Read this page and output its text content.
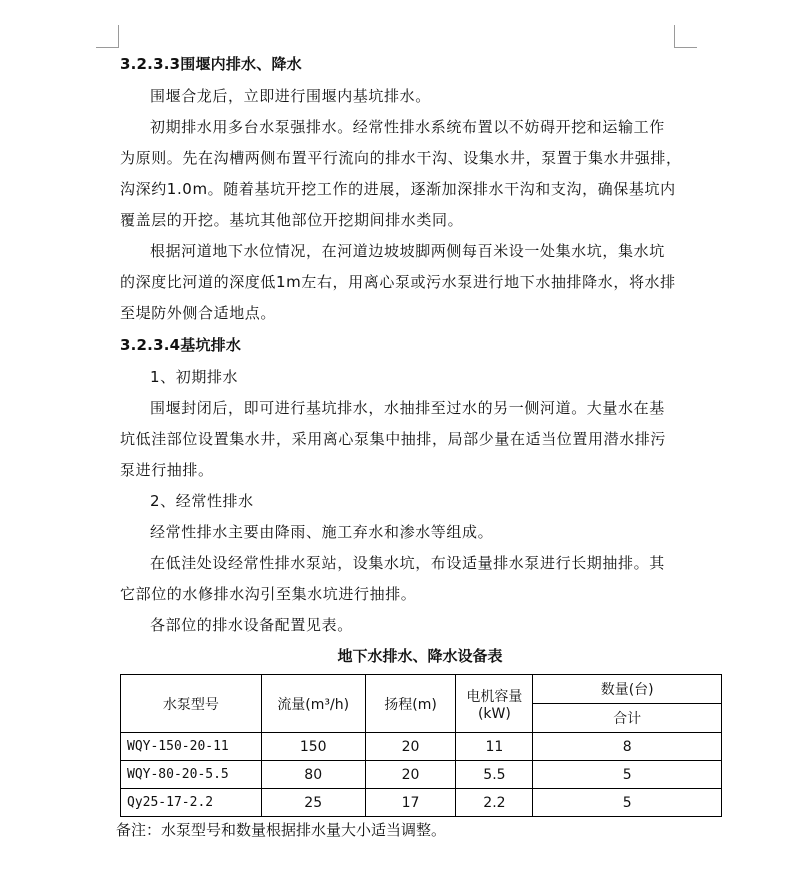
3.2.3.3围堰内排水、降水
围堰合龙后，立即进行围堰内基坑排水。
初期排水用多台水泵强排水。经常性排水系统布置以不妨碍开挖和运输工作
为原则。先在沟槽两侧布置平行流向的排水干沟、设集水井，泵置于集水井强排，
沟深约1.0m。随着基坑开挖工作的进展，逐渐加深排水干沟和支沟，确保基坑内
覆盖层的开挖。基坑其他部位开挖期间排水类同。
根据河道地下水位情况，在河道边坡坡脚两侧每百米设一处集水坑，集水坑
的深度比河道的深度低1m左右，用离心泵或污水泵进行地下水抽排降水，将水排
至堤防外侧合适地点。
3.2.3.4基坑排水
1、初期排水
围堰封闭后，即可进行基坑排水，水抽排至过水的另一侧河道。大量水在基
坑低洼部位设置集水井，采用离心泵集中抽排，局部少量在适当位置用潜水排污
泵进行抽排。
2、经常性排水
经常性排水主要由降雨、施工弃水和渗水等组成。
在低洼处设经常性排水泵站，设集水坑，布设适量排水泵进行长期抽排。其
它部位的水修排水沟引至集水坑进行抽排。
各部位的排水设备配置见表。
地下水排水、降水设备表
水泵型号	流量(m³/h)	扬程(m)	电机容量(kW)	数量(台)
				合计
WQY-150-20-11	150	20	11	8
WQY-80-20-5.5	80	20	5.5	5
Qy25-17-2.2	25	17	2.2	5
备注：水泵型号和数量根据排水量大小适当调整。
